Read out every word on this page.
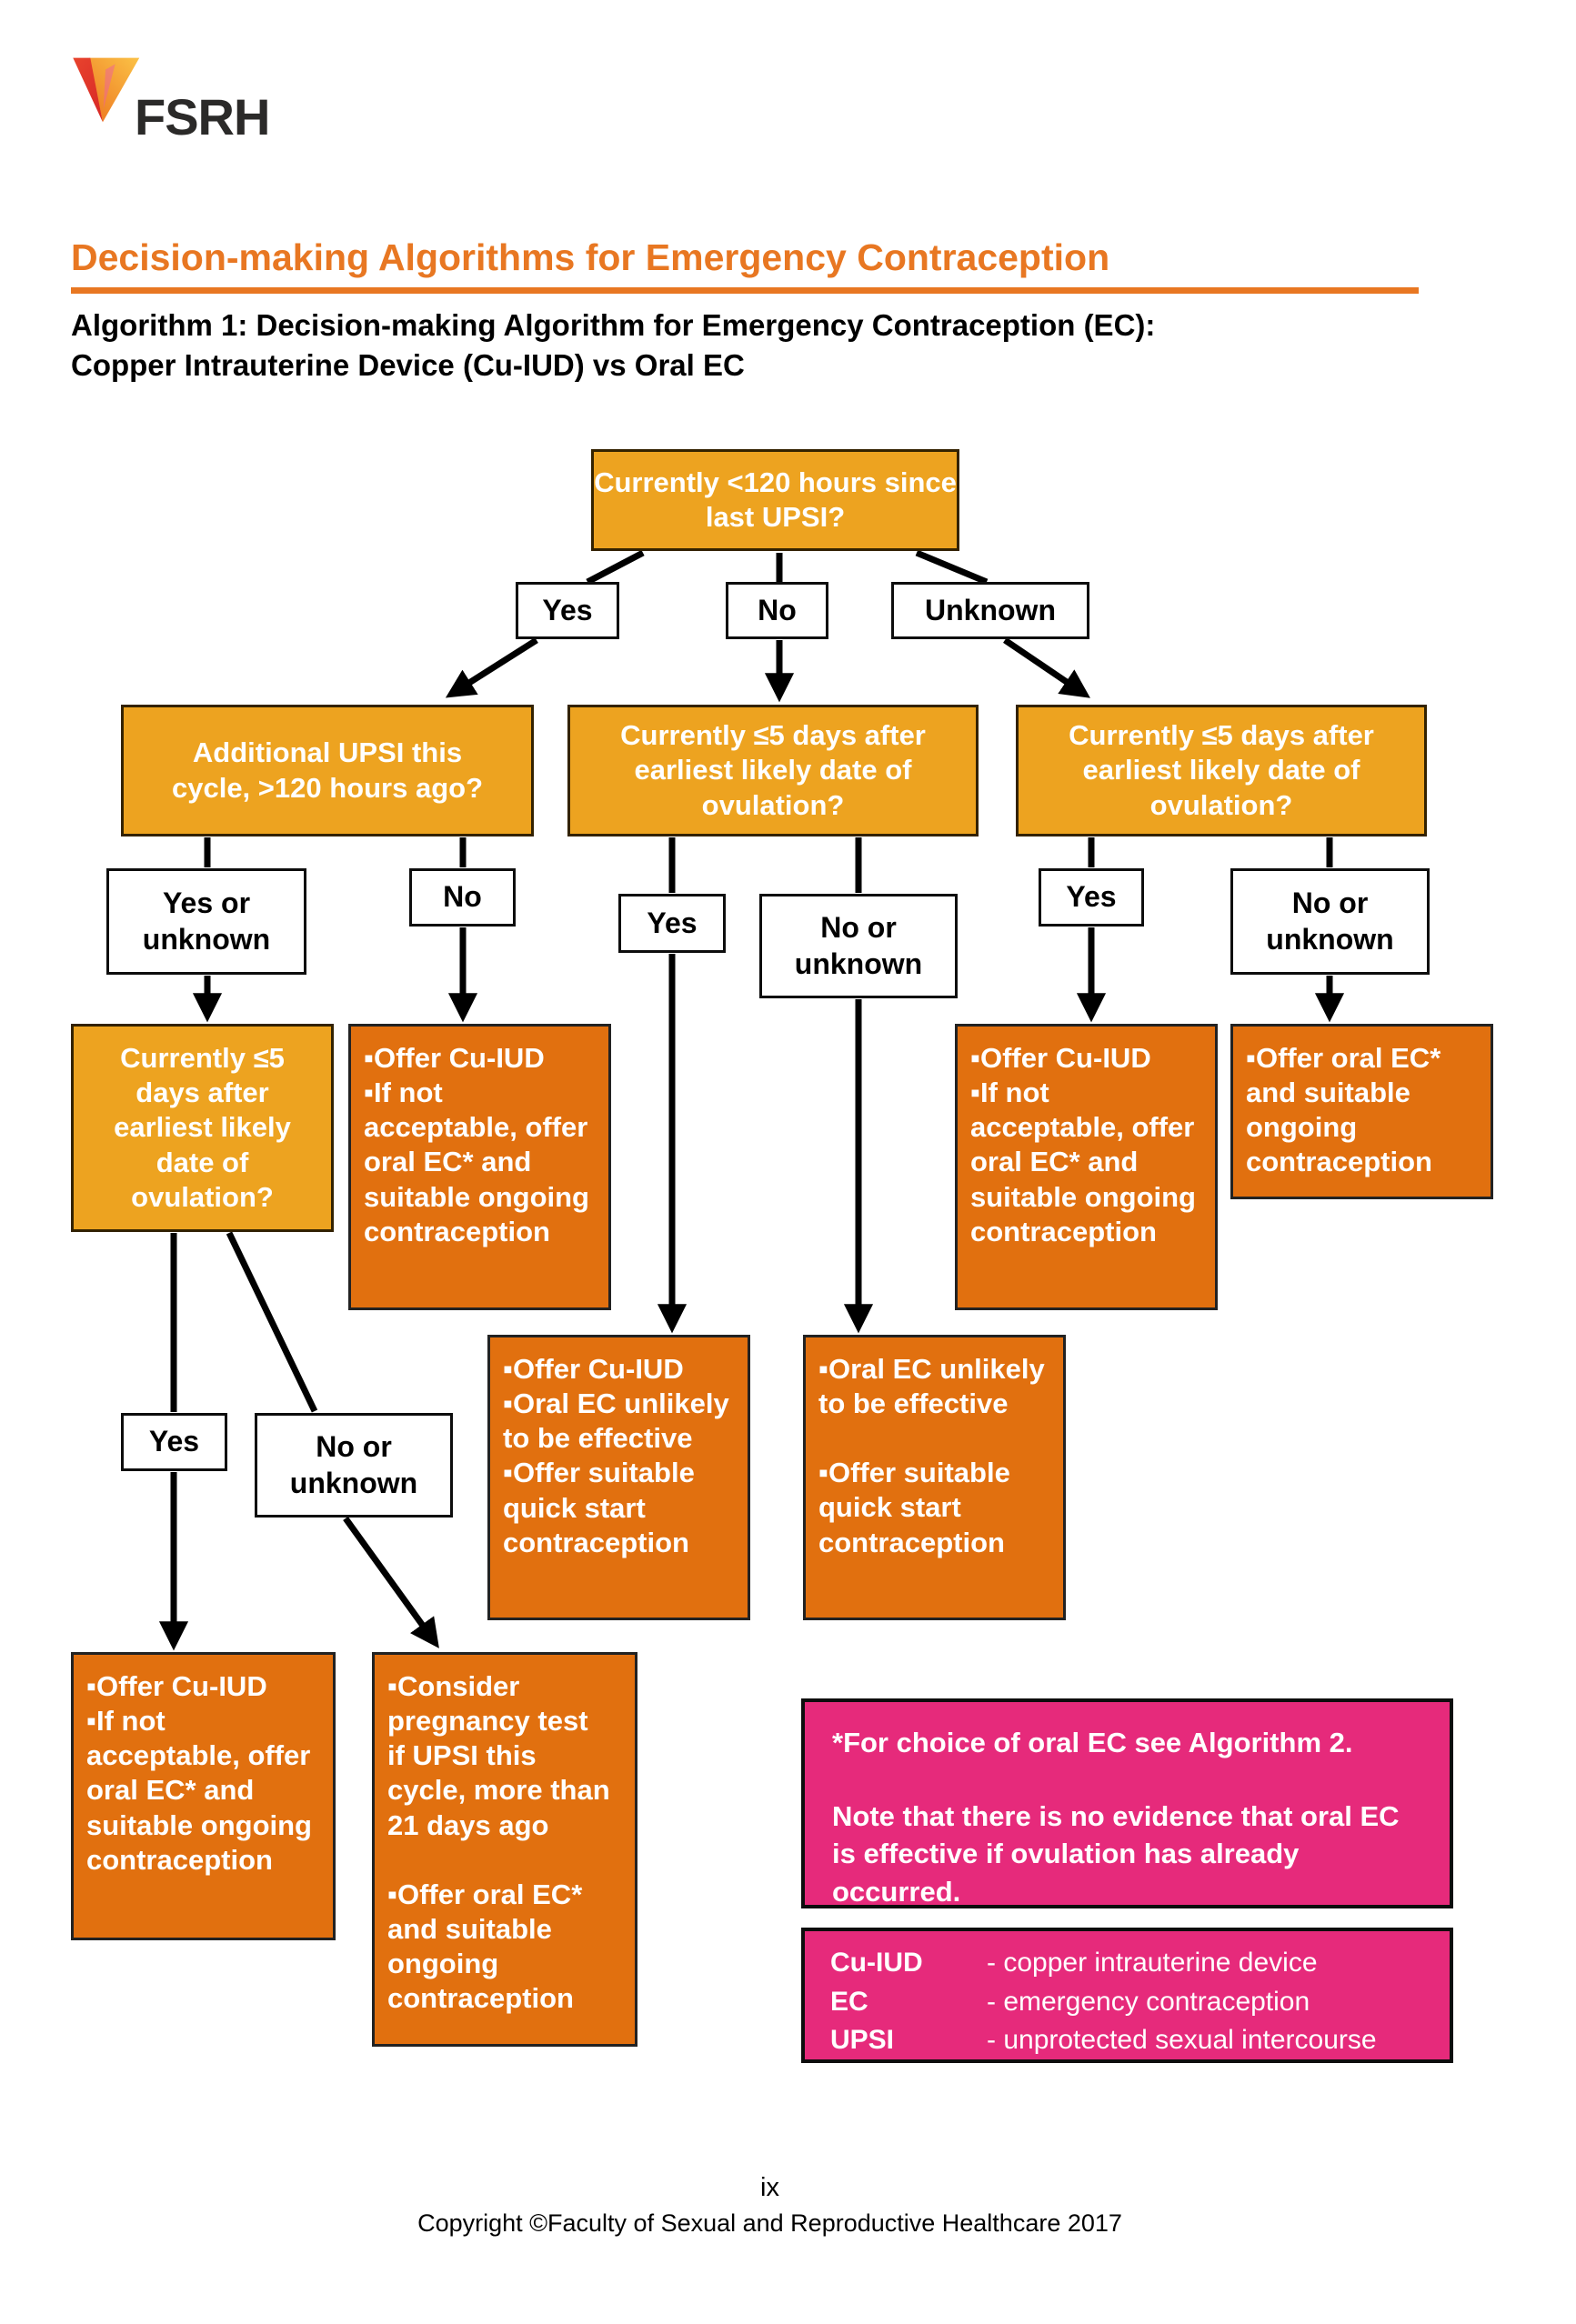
FSRH
Decision-making Algorithms for Emergency Contraception
Algorithm 1: Decision-making Algorithm for Emergency Contraception (EC):
Copper Intrauterine Device (Cu-IUD) vs Oral EC
Currently <120 hours since last UPSI?
Yes	No	Unknown
Additional UPSI this cycle, >120 hours ago?
Currently ≤5 days after earliest likely date of ovulation?
Currently ≤5 days after earliest likely date of ovulation?
Yes or unknown
No
Yes	No or unknown
Yes	No or unknown
Currently ≤5 days after earliest likely date of ovulation?

▪Offer Cu-IUD

▪If not acceptable, offer oral EC* and suitable ongoing contraception

▪Offer Cu-IUD

▪If not acceptable, offer oral EC* and suitable ongoing contraception

▪Offer oral EC* and suitable ongoing contraception

Yes	No or unknown

▪Offer Cu-IUD

▪Oral EC unlikely to be effective

▪Offer suitable quick start contraception

▪Oral EC unlikely to be effective

▪Offer suitable quick start contraception

▪Offer Cu-IUD

▪If not acceptable, offer oral EC* and suitable ongoing contraception

▪Consider pregnancy test if UPSI this cycle, more than 21 days ago

▪Offer oral EC* and suitable ongoing contraception

*For choice of oral EC see Algorithm 2.

Note that there is no evidence that oral EC is effective if ovulation has already occurred.

Cu-IUD	- copper intrauterine device
EC	- emergency contraception
UPSI	- unprotected sexual intercourse
ix
Copyright ©Faculty of Sexual and Reproductive Healthcare 2017
